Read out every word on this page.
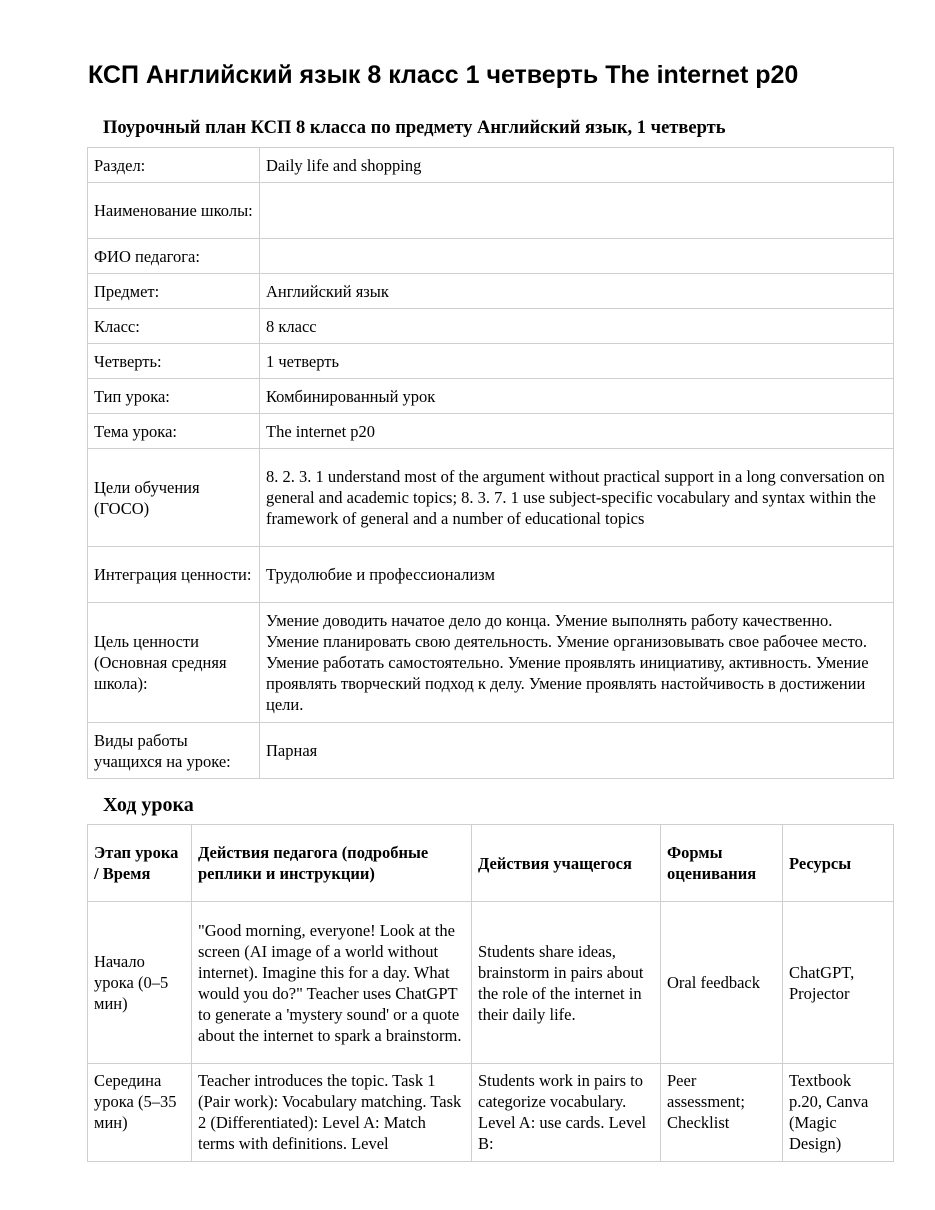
КСП Английский язык 8 класс 1 четверть The internet p20
Поурочный план КСП 8 класса по предмету Английский язык, 1 четверть
Раздел:	Daily life and shopping
Наименование школы:	
ФИО педагога:	
Предмет:	Английский язык
Класс:	8 класс
Четверть:	1 четверть
Тип урока:	Комбинированный урок
Тема урока:	The internet p20
Цели обучения (ГОСО)	8. 2. 3. 1 understand most of the argument without practical support in a long conversation on general and academic topics; 8. 3. 7. 1 use subject-specific vocabulary and syntax within the framework of general and a number of educational topics
Интеграция ценности:	Трудолюбие и профессионализм
Цель ценности (Основная средняя школа):	Умение доводить начатое дело до конца. Умение выполнять работу качественно. Умение планировать свою деятельность. Умение организовывать свое рабочее место. Умение работать самостоятельно. Умение проявлять инициативу, активность. Умение проявлять творческий подход к делу. Умение проявлять настойчивость в достижении цели.
Виды работы учащихся на уроке:	Парная
Ход урока
Этап урока / Время	Действия педагога (подробные реплики и инструкции)	Действия учащегося	Формы оценивания	Ресурсы
Начало урока (0–5 мин)	"Good morning, everyone! Look at the screen (AI image of a world without internet). Imagine this for a day. What would you do?" Teacher uses ChatGPT to generate a 'mystery sound' or a quote about the internet to spark a brainstorm.	Students share ideas, brainstorm in pairs about the role of the internet in their daily life.	Oral feedback	ChatGPT, Projector

Середина урока (5–35 мин)	Teacher introduces the topic. Task 1 (Pair work): Vocabulary matching. Task 2 (Differentiated): Level A: Match terms with definitions. Level	Students work in pairs to categorize vocabulary. Level A: use cards. Level B:	Peer assessment; Checklist	Textbook p.20, Canva (Magic Design)
